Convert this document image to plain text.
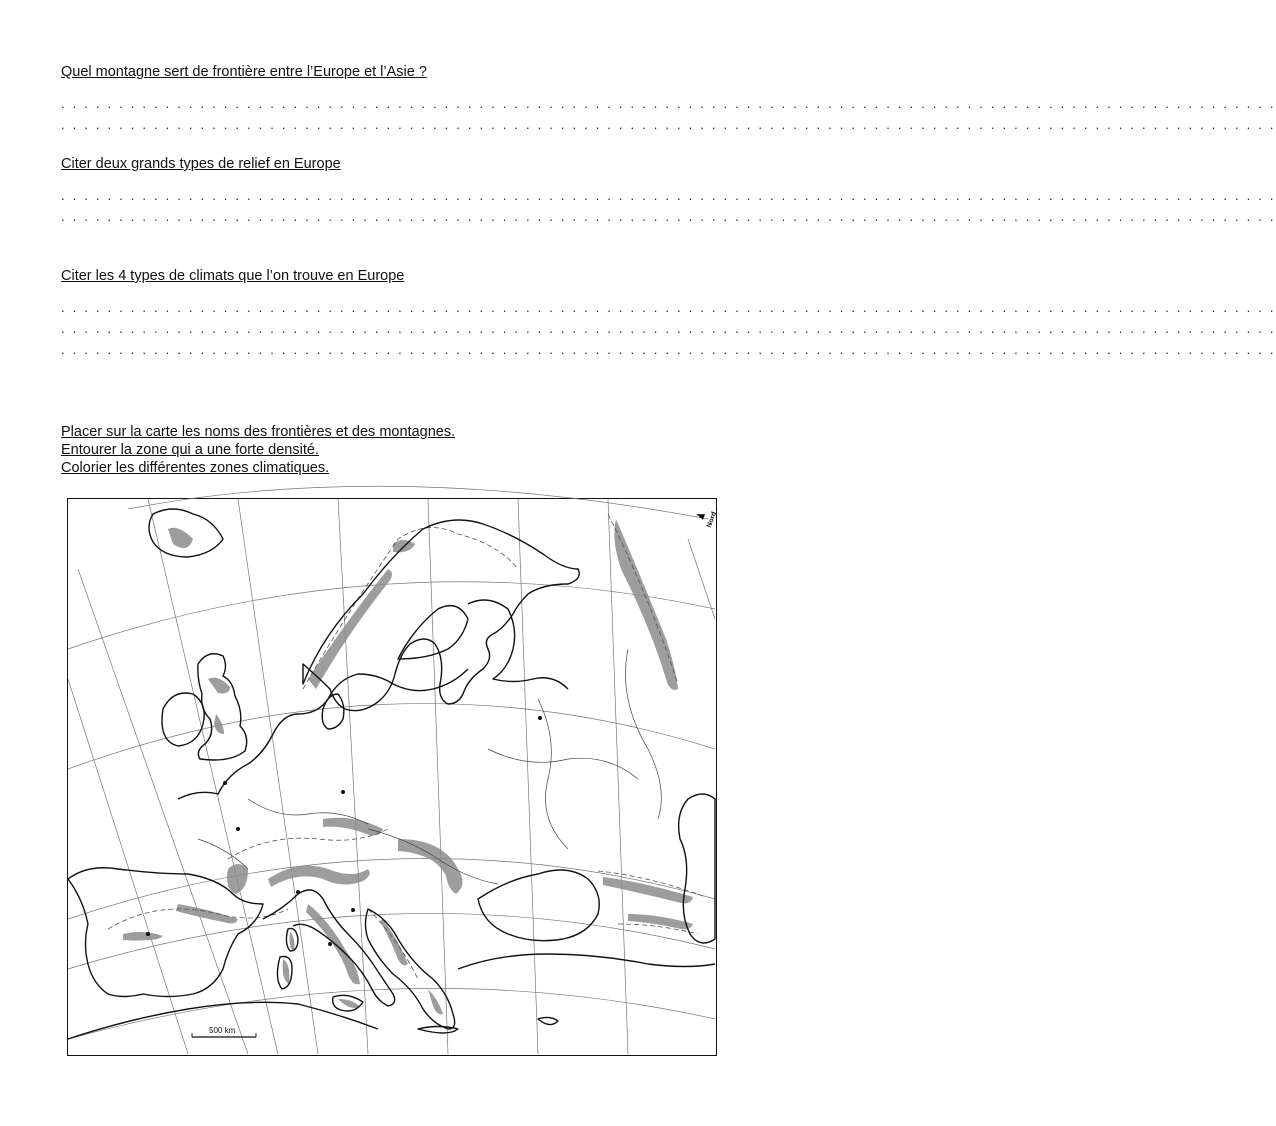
Quel montagne sert de frontière entre l’Europe et l’Asie ?
. . . . . . . . . . . . . . . . . . . . . . . . . . . . . . . . . . . . . . . . . . . . . . . . . . . . . . . . . . . . . . . . . . . . . . . . . . . . . . . . . . . . . . . . . . . . . . . . . . . . . . . . .
. . . . . . . . . . . . . . . . . . . . . . . . . . . . . . . . . . . . . . . . . . . . . . . . . . . . . . . . . . . . . . . . . . . . . . . . . . . . . . . . . . . . . . . . . . . . . . . . . . . . . . . . .
Citer deux grands types de relief en Europe
. . . . . . . . . . . . . . . . . . . . . . . . . . . . . . . . . . . . . . . . . . . . . . . . . . . . . . . . . . . . . . . . . . . . . . . . . . . . . . . . . . . . . . . . . . . . . . . . . . . . . . . . .
. . . . . . . . . . . . . . . . . . . . . . . . . . . . . . . . . . . . . . . . . . . . . . . . . . . . . . . . . . . . . . . . . . . . . . . . . . . . . . . . . . . . . . . . . . . . . . . . . . . . . . . . .
Citer les 4 types de climats que l’on trouve en Europe
. . . . . . . . . . . . . . . . . . . . . . . . . . . . . . . . . . . . . . . . . . . . . . . . . . . . . . . . . . . . . . . . . . . . . . . . . . . . . . . . . . . . . . . . . . . . . . . . . . . . . . . . .
. . . . . . . . . . . . . . . . . . . . . . . . . . . . . . . . . . . . . . . . . . . . . . . . . . . . . . . . . . . . . . . . . . . . . . . . . . . . . . . . . . . . . . . . . . . . . . . . . . . . . . . . .
. . . . . . . . . . . . . . . . . . . . . . . . . . . . . . . . . . . . . . . . . . . . . . . . . . . . . . . . . . . . . . . . . . . . . . . . . . . . . . . . . . . . . . . . . . . . . . . . . . . . . . . . .
Placer sur la carte les noms des frontières et des montagnes.
Entourer la zone qui a une forte densité.
Colorier les différentes zones climatiques.
500 km
Nord
